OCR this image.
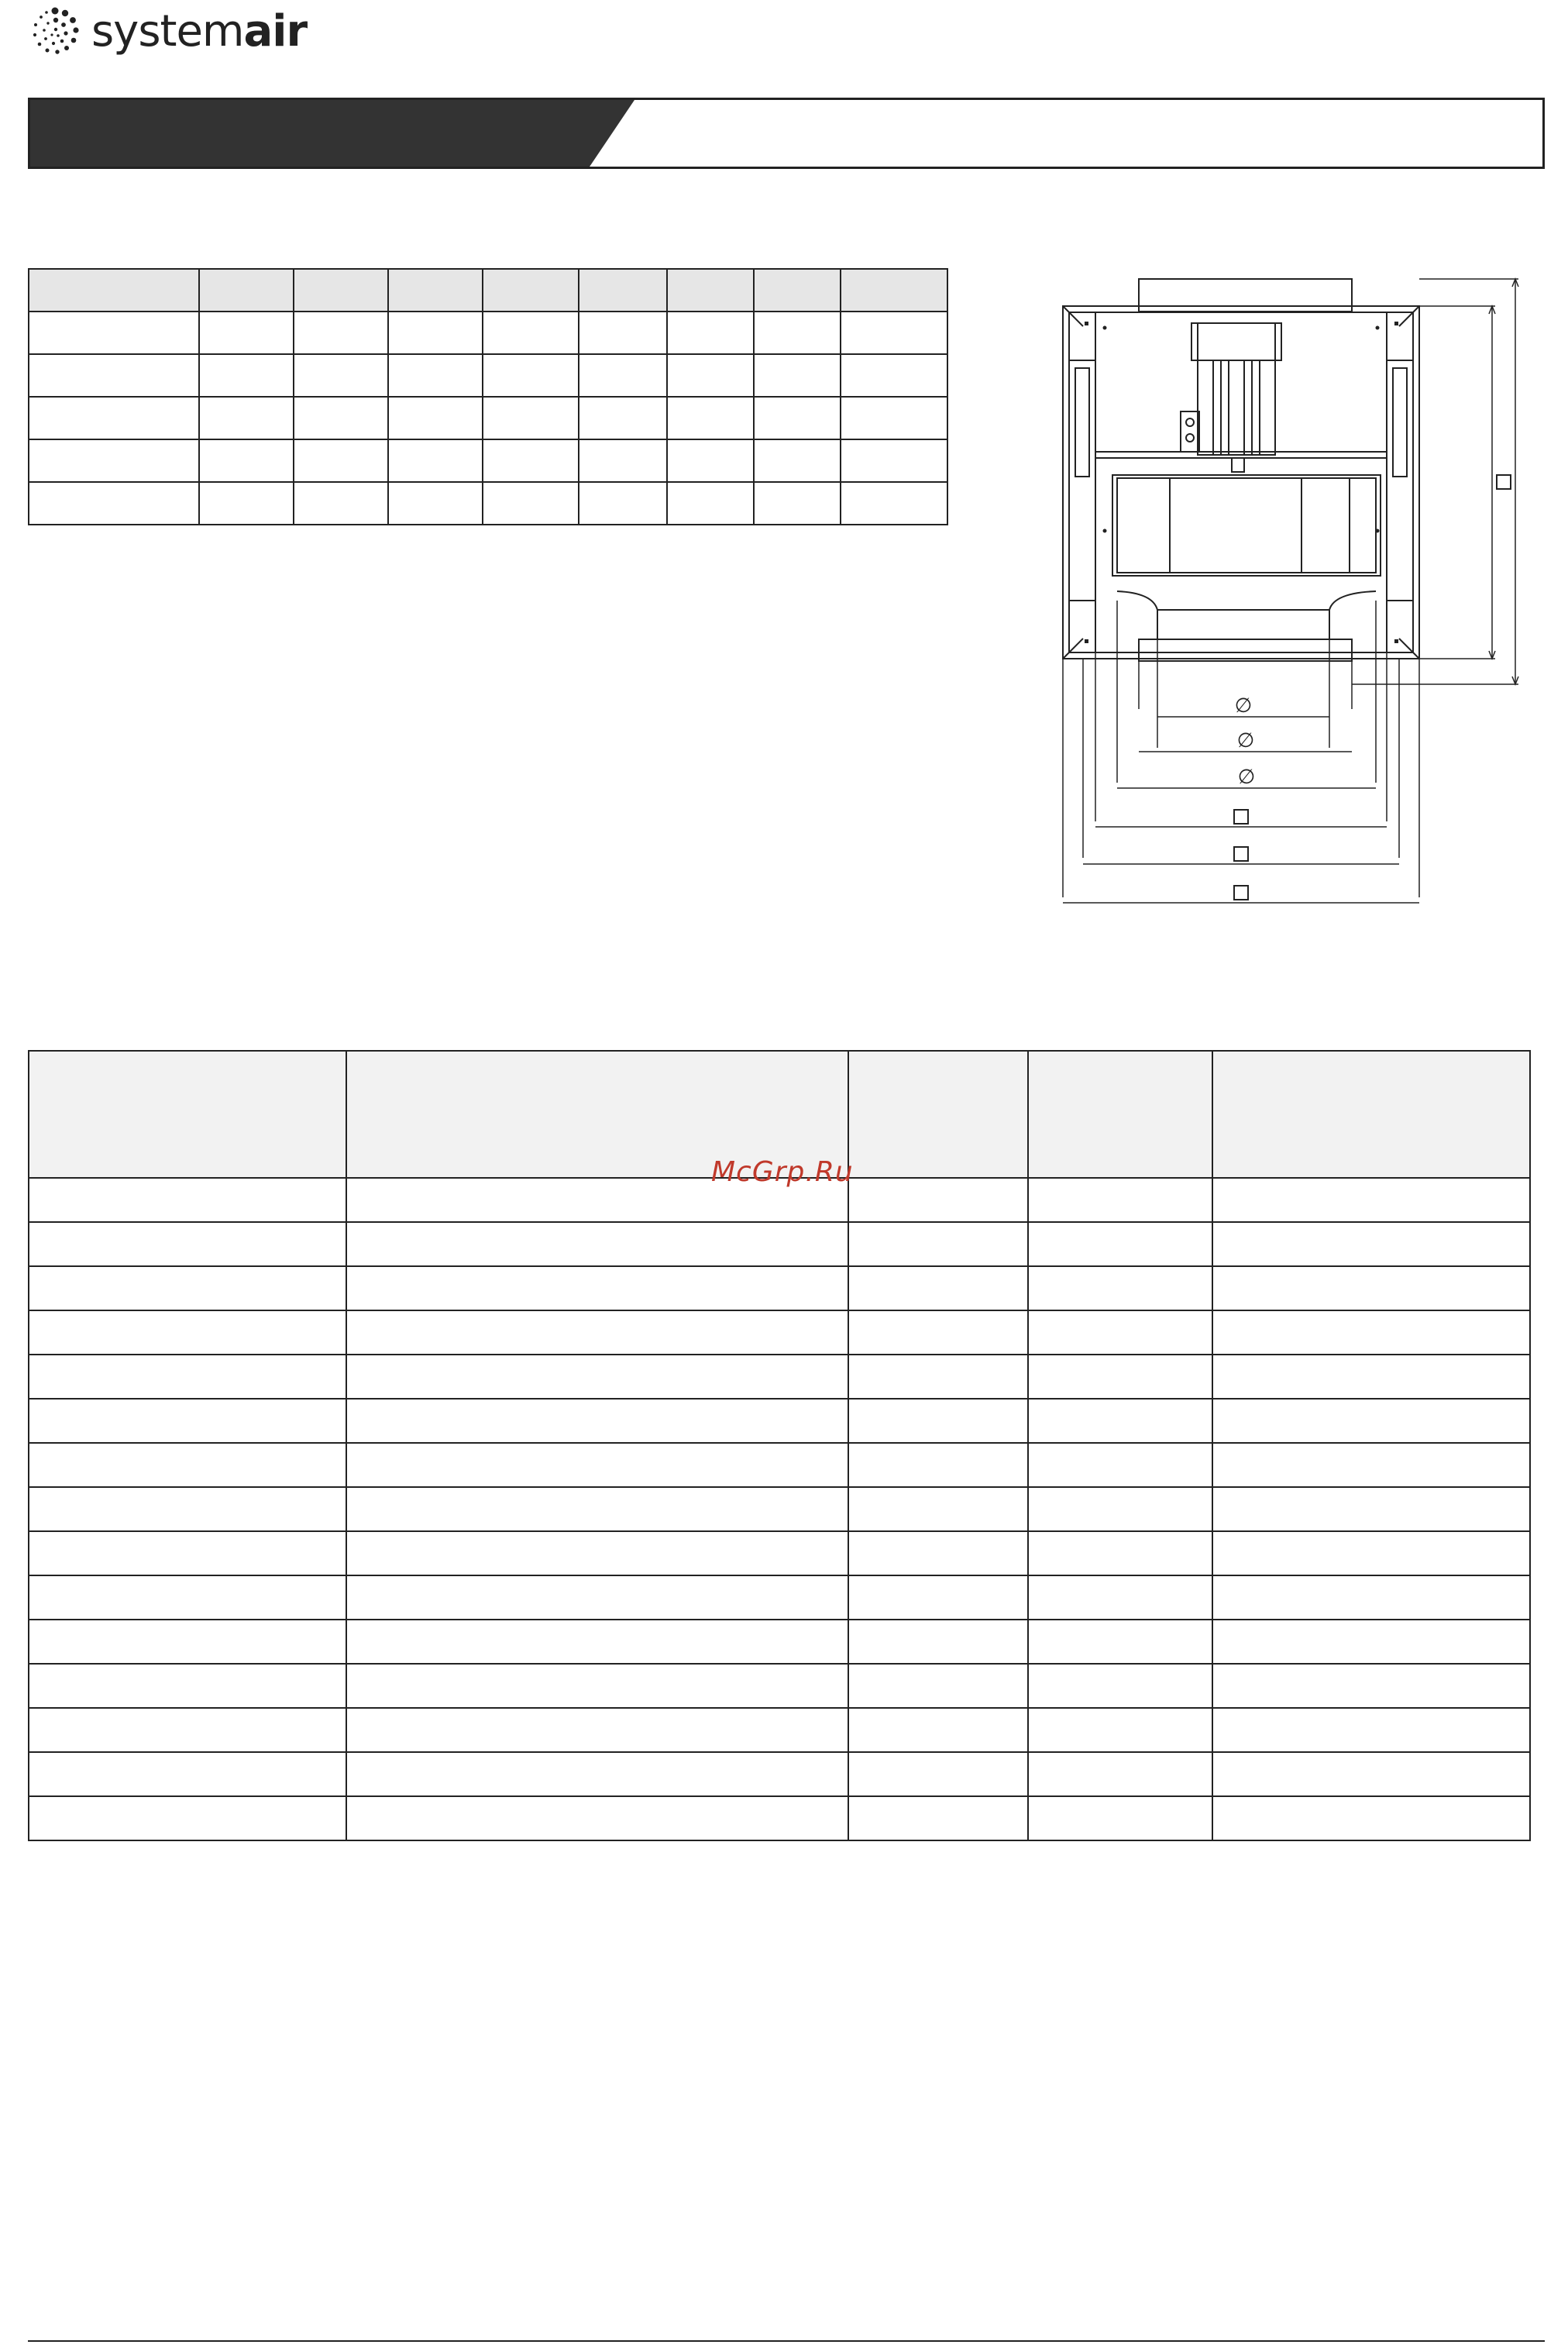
systemair

∅
∅
∅

McGrp.Ru
